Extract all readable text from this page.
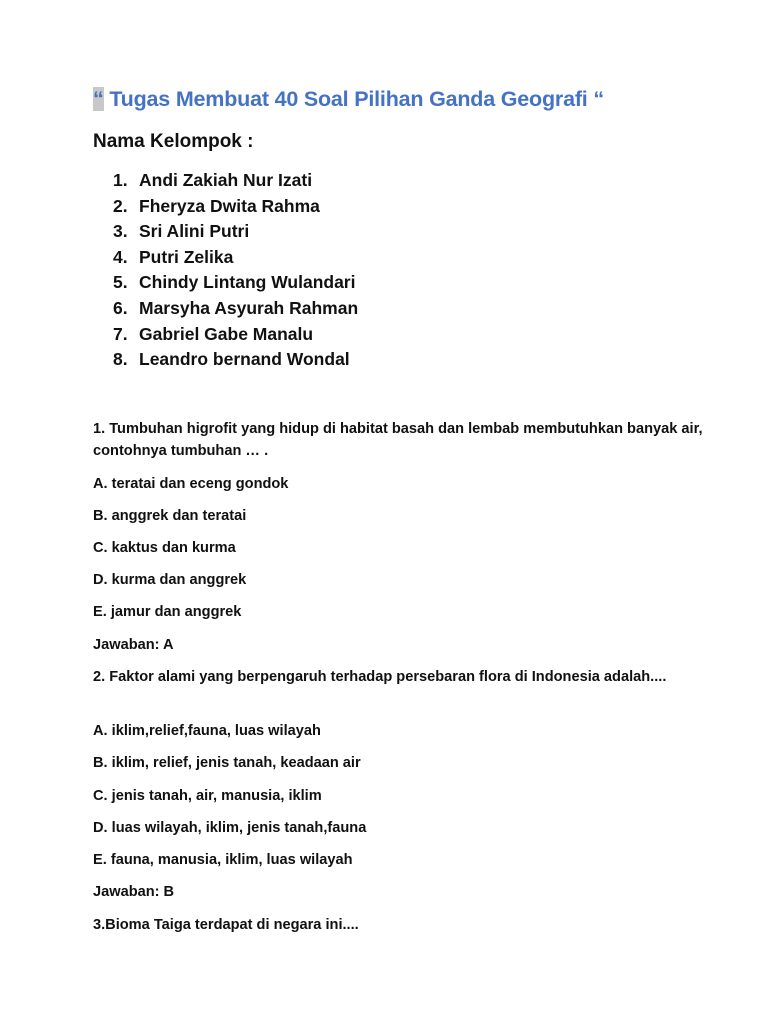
“ Tugas Membuat 40 Soal Pilihan Ganda Geografi “
Nama Kelompok :
1. Andi Zakiah Nur Izati
2. Fheryza Dwita Rahma
3. Sri Alini Putri
4. Putri Zelika
5. Chindy Lintang Wulandari
6. Marsyha Asyurah Rahman
7. Gabriel Gabe Manalu
8. Leandro bernand Wondal

1. Tumbuhan higrofit yang hidup di habitat basah dan lembab membutuhkan banyak air, contohnya tumbuhan … .

A. teratai dan eceng gondok

B. anggrek dan teratai

C. kaktus dan kurma

D. kurma dan anggrek

E. jamur dan anggrek

Jawaban: A

2. Faktor alami yang berpengaruh terhadap persebaran flora di Indonesia adalah....

A. iklim,relief,fauna, luas wilayah

B. iklim, relief, jenis tanah, keadaan air

C. jenis tanah, air, manusia, iklim

D. luas wilayah, iklim, jenis tanah,fauna

E. fauna, manusia, iklim, luas wilayah

Jawaban: B

3.Bioma Taiga terdapat di negara ini....
